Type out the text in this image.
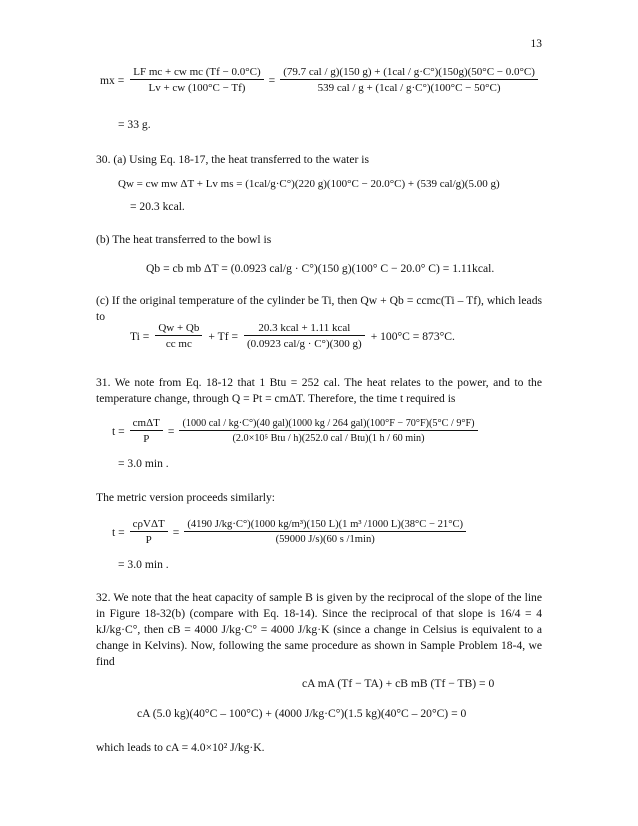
13
mx = $\frac{\text{LF mc + cw mc (Tf − 0.0°C)}}{Lv + cw (100^\circ C - Tf)} = \frac{\text{(79.7 cal / g)(150 g) + (1cal / g·C°)(150g)(50°C − 0.0°C)}}{\text{539 cal / g + (1cal / g·C°)(100°C − 50°C)}}$
= 33 g.
30. (a) Using Eq. 18-17, the heat transferred to the water is
Qw = cw mw ΔT + Lv ms = (1cal/g·C°)(220 g)(100°C − 20.0°C) + (539 cal/g)(5.00 g)
= 20.3 kcal.
(b) The heat transferred to the bowl is
Qb = cb mb ΔT = (0.0923 cal/g · C°)(150 g)(100° C − 20.0° C) = 1.11kcal.
(c) If the original temperature of the cylinder be Ti, then Qw + Qb = ccmc(Ti – Tf), which leads to
$Ti = \frac{Qw + Qb}{\text{cc mc}} + Tf = \frac{\text{20.3 kcal + 1.11 kcal}}{\text{(0.0923 cal/g · C°)(300 g)}} + 100^\circ C = 873^\circ C$.
31. We note from Eq. 18-12 that 1 Btu = 252 cal. The heat relates to the power, and to the temperature change, through Q = Pt = cmΔT. Therefore, the time t required is
$t = \frac{\text{cmΔT}}{P}$ =
(1000 cal / kg·C°)(40 gal)(1000 kg / 264 gal)(100°F − 70°F)(5°C / 9°F)
(2.0×10⁵ Btu / h)(252.0 cal / Btu)(1 h / 60 min)
= 3.0 min .
The metric version proceeds similarly:
$t = \frac{\text{cρVΔT}}{P} = \frac{\text{(4190 J/kg·C°)(1000 kg/m³)(150 L)(1 m³ /1000 L)(38°C − 21°C)}}{(59000 J/s)(60 s /1\min)}$
= 3.0 min .
32. We note that the heat capacity of sample B is given by the reciprocal of the slope of the line in Figure 18-32(b) (compare with Eq. 18-14). Since the reciprocal of that slope is 16/4 = 4 kJ/kg·C°, then cB = 4000 J/kg·C° = 4000 J/kg·K (since a change in Celsius is equivalent to a change in Kelvins). Now, following the same procedure as shown in Sample Problem 18-4, we find
cA mA (Tf − TA) + cB mB (Tf − TB) = 0
cA (5.0 kg)(40°C – 100°C) + (4000 J/kg·C°)(1.5 kg)(40°C – 20°C) = 0
which leads to cA = 4.0×10² J/kg·K.
